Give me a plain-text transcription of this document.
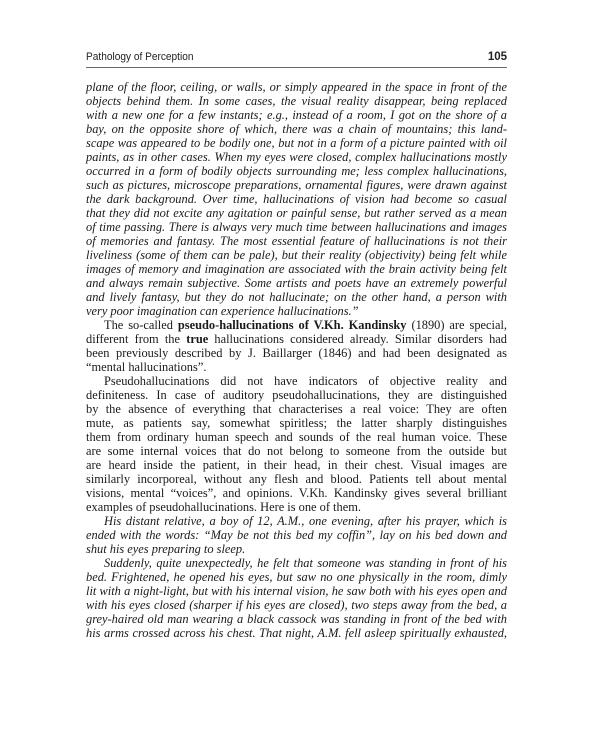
Pathology of Perception	105
plane of the floor, ceiling, or walls, or simply appeared in the space in front of the
objects behind them. In some cases, the visual reality disappear, being replaced
with a new one for a few instants; e.g., instead of a room, I got on the shore of a
bay, on the opposite shore of which, there was a chain of mountains; this land-
scape was appeared to be bodily one, but not in a form of a picture painted with oil
paints, as in other cases. When my eyes were closed, complex hallucinations mostly
occurred in a form of bodily objects surrounding me; less complex hallucinations,
such as pictures, microscope preparations, ornamental figures, were drawn against
the dark background. Over time, hallucinations of vision had become so casual
that they did not excite any agitation or painful sense, but rather served as a mean
of time passing. There is always very much time between hallucinations and images
of memories and fantasy. The most essential feature of hallucinations is not their
liveliness (some of them can be pale), but their reality (objectivity) being felt while
images of memory and imagination are associated with the brain activity being felt
and always remain subjective. Some artists and poets have an extremely powerful
and lively fantasy, but they do not hallucinate; on the other hand, a person with
very poor imagination can experience hallucinations.”
The so-called pseudo-hallucinations of V.Kh. Kandinsky (1890) are special,
different from the true hallucinations considered already. Similar disorders had
been previously described by J. Baillarger (1846) and had been designated as
“mental hallucinations”.
Pseudohallucinations did not have indicators of objective reality and
definiteness. In case of auditory pseudohallucinations, they are distinguished
by the absence of everything that characterises a real voice: They are often
mute, as patients say, somewhat spiritless; the latter sharply distinguishes
them from ordinary human speech and sounds of the real human voice. These
are some internal voices that do not belong to someone from the outside but
are heard inside the patient, in their head, in their chest. Visual images are
similarly incorporeal, without any flesh and blood. Patients tell about mental
visions, mental “voices”, and opinions. V.Kh. Kandinsky gives several brilliant
examples of pseudohallucinations. Here is one of them.
His distant relative, a boy of 12, A.M., one evening, after his prayer, which is
ended with the words: “May be not this bed my coffin”, lay on his bed down and
shut his eyes preparing to sleep.
Suddenly, quite unexpectedly, he felt that someone was standing in front of his
bed. Frightened, he opened his eyes, but saw no one physically in the room, dimly
lit with a night-light, but with his internal vision, he saw both with his eyes open and
with his eyes closed (sharper if his eyes are closed), two steps away from the bed, a
grey-haired old man wearing a black cassock was standing in front of the bed with
his arms crossed across his chest. That night, A.M. fell asleep spiritually exhausted,
